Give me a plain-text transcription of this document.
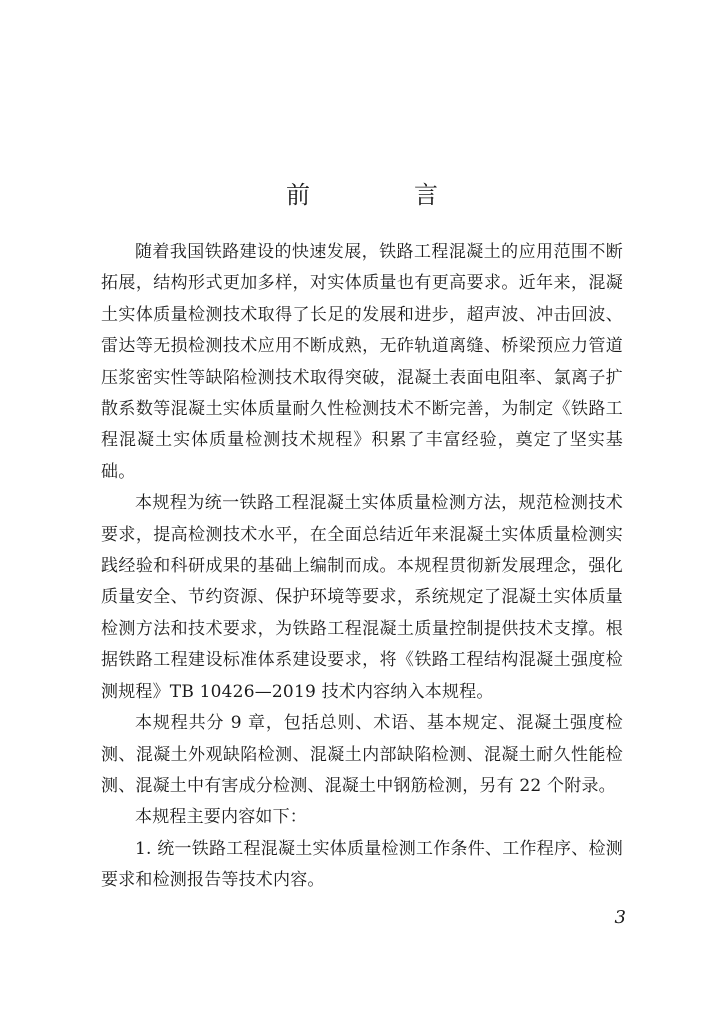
前　言

随着我国铁路建设的快速发展，铁路工程混凝土的应用范围不断拓展，结构形式更加多样，对实体质量也有更高要求。近年来，混凝土实体质量检测技术取得了长足的发展和进步，超声波、冲击回波、雷达等无损检测技术应用不断成熟，无砟轨道离缝、桥梁预应力管道压浆密实性等缺陷检测技术取得突破，混凝土表面电阻率、氯离子扩散系数等混凝土实体质量耐久性检测技术不断完善，为制定《铁路工程混凝土实体质量检测技术规程》积累了丰富经验，奠定了坚实基础。

本规程为统一铁路工程混凝土实体质量检测方法，规范检测技术要求，提高检测技术水平，在全面总结近年来混凝土实体质量检测实践经验和科研成果的基础上编制而成。本规程贯彻新发展理念，强化质量安全、节约资源、保护环境等要求，系统规定了混凝土实体质量检测方法和技术要求，为铁路工程混凝土质量控制提供技术支撑。根据铁路工程建设标准体系建设要求，将《铁路工程结构混凝土强度检测规程》TB 10426—2019 技术内容纳入本规程。

本规程共分 9 章，包括总则、术语、基本规定、混凝土强度检测、混凝土外观缺陷检测、混凝土内部缺陷检测、混凝土耐久性能检测、混凝土中有害成分检测、混凝土中钢筋检测，另有 22 个附录。

本规程主要内容如下：

1. 统一铁路工程混凝土实体质量检测工作条件、工作程序、检测要求和检测报告等技术内容。

3
